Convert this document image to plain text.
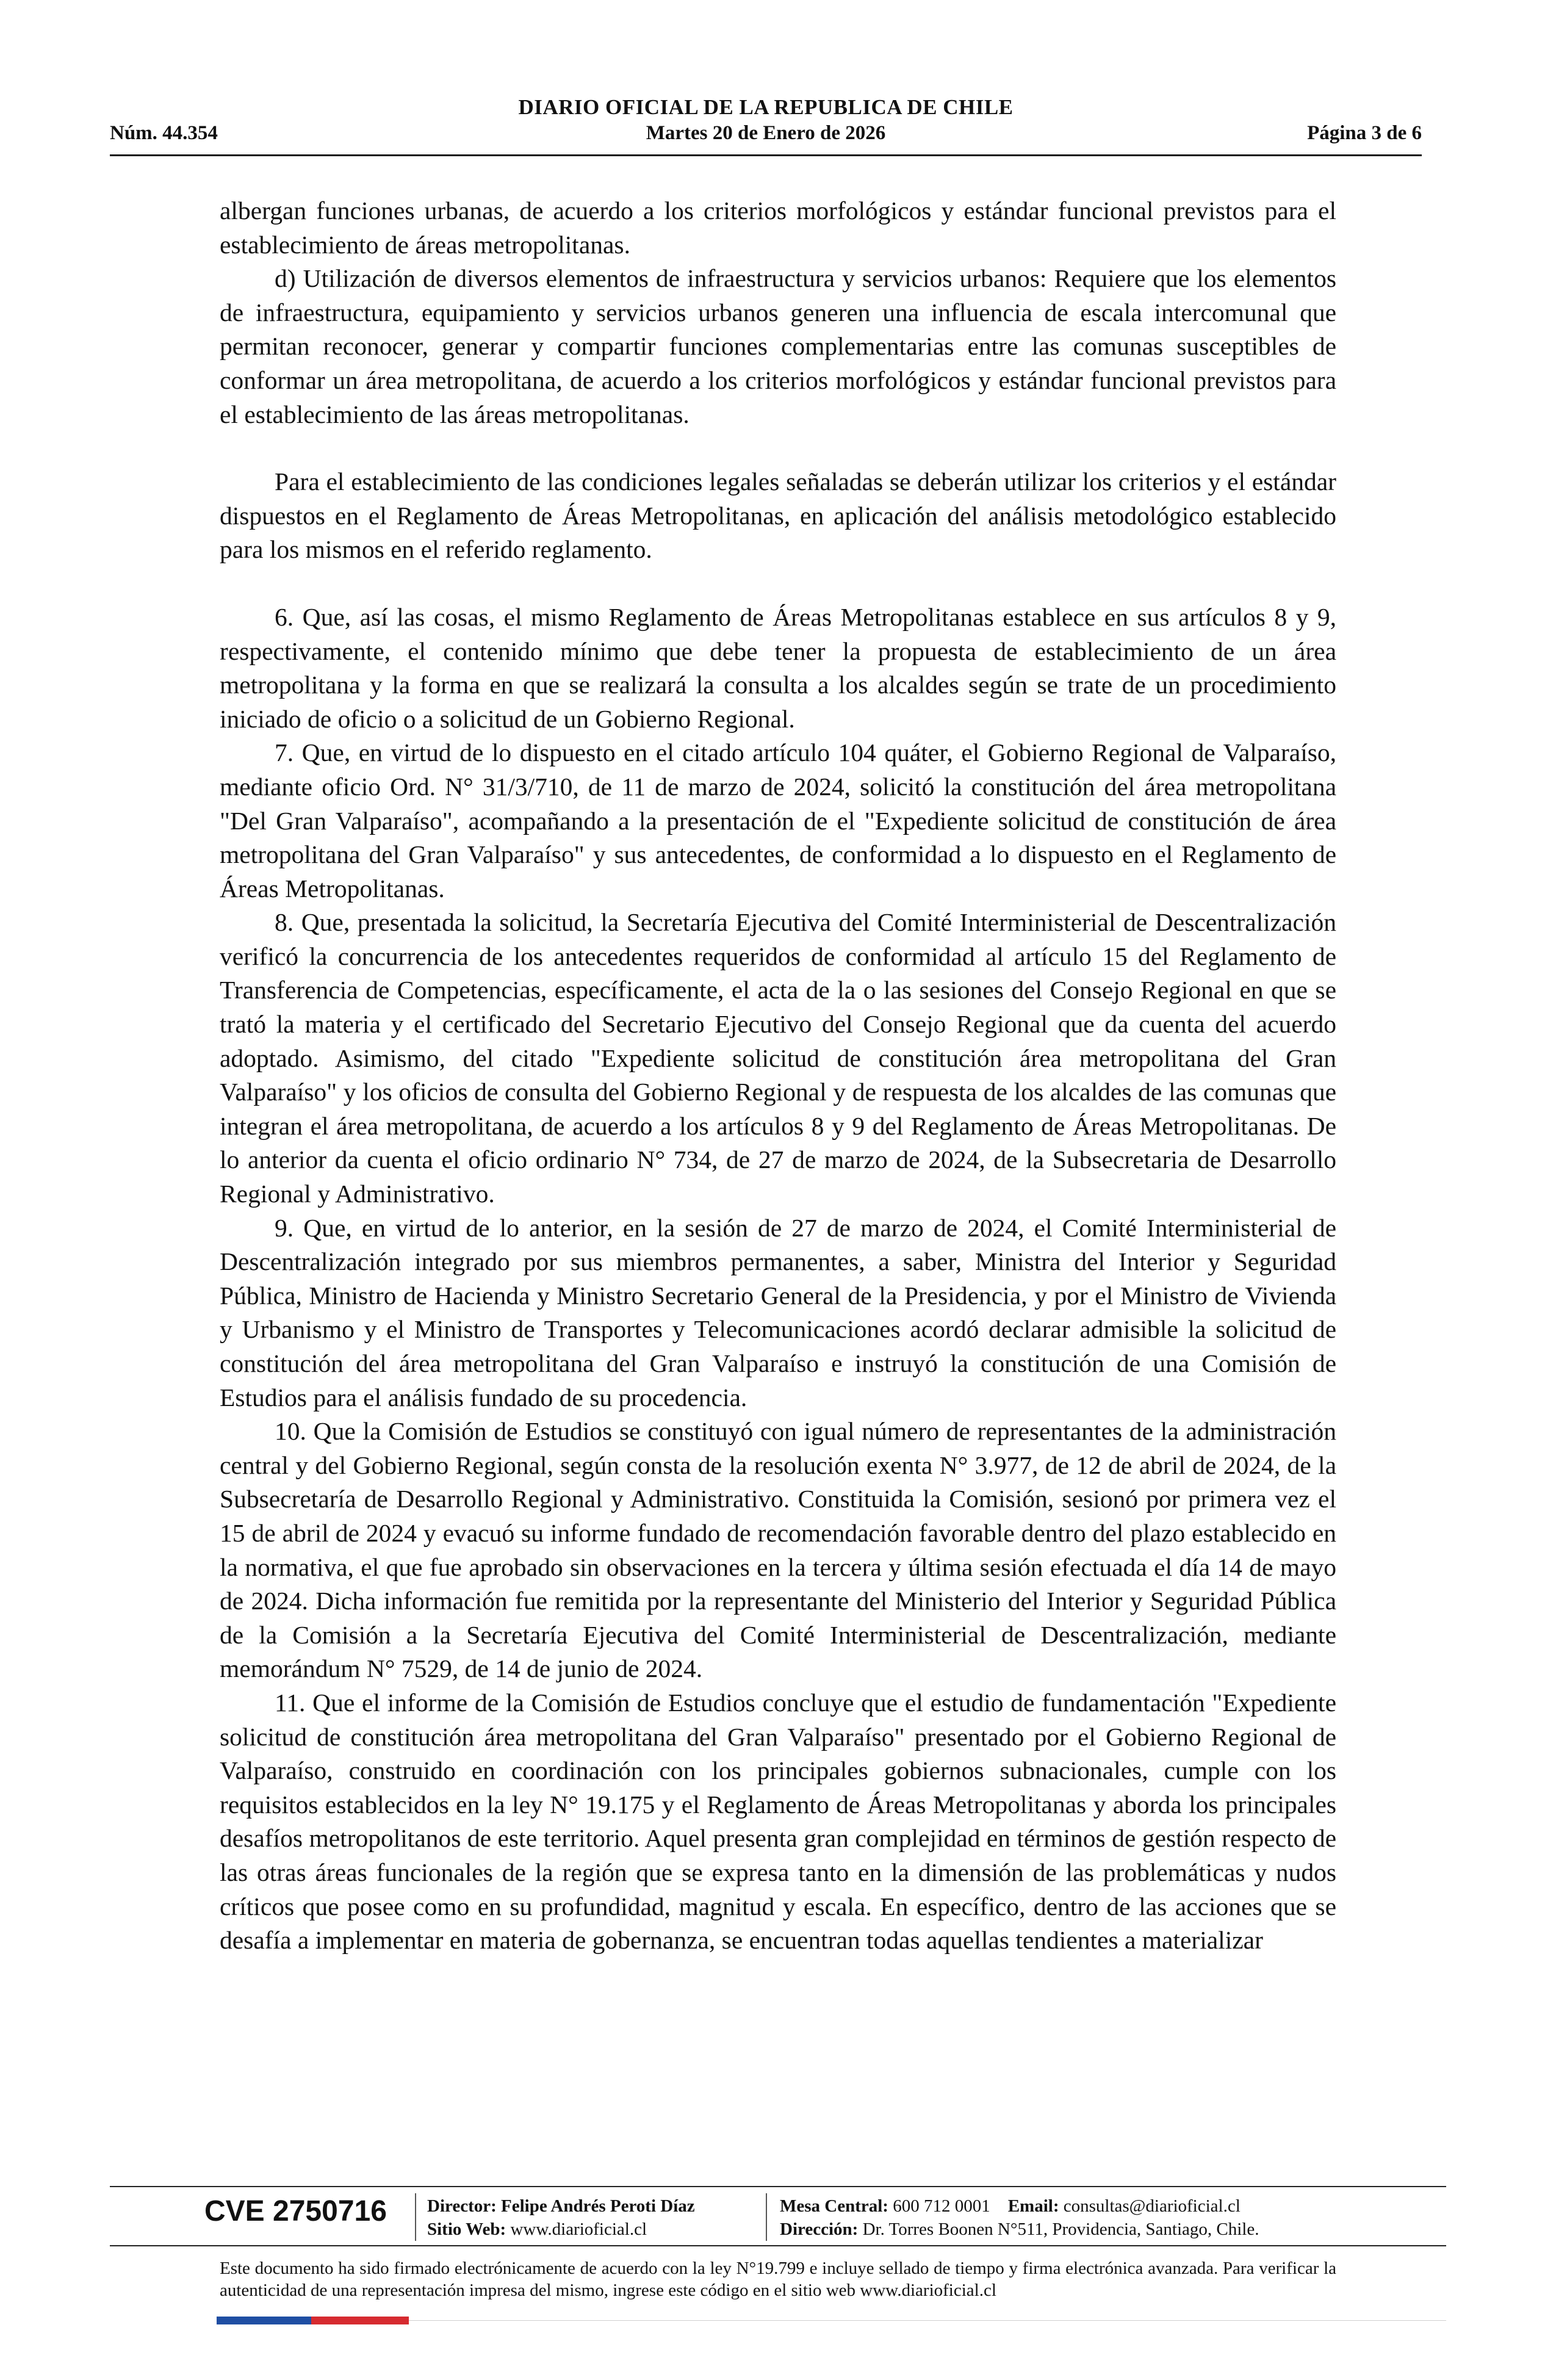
DIARIO OFICIAL DE LA REPUBLICA DE CHILE
Núm. 44.354	Martes 20 de Enero de 2026	Página 3 de 6

albergan funciones urbanas, de acuerdo a los criterios morfológicos y estándar funcional previstos para el establecimiento de áreas metropolitanas.

d) Utilización de diversos elementos de infraestructura y servicios urbanos: Requiere que los elementos de infraestructura, equipamiento y servicios urbanos generen una influencia de escala intercomunal que permitan reconocer, generar y compartir funciones complementarias entre las comunas susceptibles de conformar un área metropolitana, de acuerdo a los criterios morfológicos y estándar funcional previstos para el establecimiento de las áreas metropolitanas.

Para el establecimiento de las condiciones legales señaladas se deberán utilizar los criterios y el estándar dispuestos en el Reglamento de Áreas Metropolitanas, en aplicación del análisis metodológico establecido para los mismos en el referido reglamento.

6. Que, así las cosas, el mismo Reglamento de Áreas Metropolitanas establece en sus artículos 8 y 9, respectivamente, el contenido mínimo que debe tener la propuesta de establecimiento de un área metropolitana y la forma en que se realizará la consulta a los alcaldes según se trate de un procedimiento iniciado de oficio o a solicitud de un Gobierno Regional.

7. Que, en virtud de lo dispuesto en el citado artículo 104 quáter, el Gobierno Regional de Valparaíso, mediante oficio Ord. N° 31/3/710, de 11 de marzo de 2024, solicitó la constitución del área metropolitana "Del Gran Valparaíso", acompañando a la presentación de el "Expediente solicitud de constitución de área metropolitana del Gran Valparaíso" y sus antecedentes, de conformidad a lo dispuesto en el Reglamento de Áreas Metropolitanas.

8. Que, presentada la solicitud, la Secretaría Ejecutiva del Comité Interministerial de Descentralización verificó la concurrencia de los antecedentes requeridos de conformidad al artículo 15 del Reglamento de Transferencia de Competencias, específicamente, el acta de la o las sesiones del Consejo Regional en que se trató la materia y el certificado del Secretario Ejecutivo del Consejo Regional que da cuenta del acuerdo adoptado. Asimismo, del citado "Expediente solicitud de constitución área metropolitana del Gran Valparaíso" y los oficios de consulta del Gobierno Regional y de respuesta de los alcaldes de las comunas que integran el área metropolitana, de acuerdo a los artículos 8 y 9 del Reglamento de Áreas Metropolitanas. De lo anterior da cuenta el oficio ordinario N° 734, de 27 de marzo de 2024, de la Subsecretaria de Desarrollo Regional y Administrativo.

9. Que, en virtud de lo anterior, en la sesión de 27 de marzo de 2024, el Comité Interministerial de Descentralización integrado por sus miembros permanentes, a saber, Ministra del Interior y Seguridad Pública, Ministro de Hacienda y Ministro Secretario General de la Presidencia, y por el Ministro de Vivienda y Urbanismo y el Ministro de Transportes y Telecomunicaciones acordó declarar admisible la solicitud de constitución del área metropolitana del Gran Valparaíso e instruyó la constitución de una Comisión de Estudios para el análisis fundado de su procedencia.

10. Que la Comisión de Estudios se constituyó con igual número de representantes de la administración central y del Gobierno Regional, según consta de la resolución exenta N° 3.977, de 12 de abril de 2024, de la Subsecretaría de Desarrollo Regional y Administrativo. Constituida la Comisión, sesionó por primera vez el 15 de abril de 2024 y evacuó su informe fundado de recomendación favorable dentro del plazo establecido en la normativa, el que fue aprobado sin observaciones en la tercera y última sesión efectuada el día 14 de mayo de 2024. Dicha información fue remitida por la representante del Ministerio del Interior y Seguridad Pública de la Comisión a la Secretaría Ejecutiva del Comité Interministerial de Descentralización, mediante memorándum N° 7529, de 14 de junio de 2024.

11. Que el informe de la Comisión de Estudios concluye que el estudio de fundamentación "Expediente solicitud de constitución área metropolitana del Gran Valparaíso" presentado por el Gobierno Regional de Valparaíso, construido en coordinación con los principales gobiernos subnacionales, cumple con los requisitos establecidos en la ley N° 19.175 y el Reglamento de Áreas Metropolitanas y aborda los principales desafíos metropolitanos de este territorio. Aquel presenta gran complejidad en términos de gestión respecto de las otras áreas funcionales de la región que se expresa tanto en la dimensión de las problemáticas y nudos críticos que posee como en su profundidad, magnitud y escala. En específico, dentro de las acciones que se desafía a implementar en materia de gobernanza, se encuentran todas aquellas tendientes a materializar

CVE 2750716 Director: Felipe Andrés Peroti Díaz
Sitio Web: www.diarioficial.cl
Mesa Central: 600 712 0001 Email: consultas@diarioficial.cl
Dirección: Dr. Torres Boonen N°511, Providencia, Santiago, Chile.
Este documento ha sido firmado electrónicamente de acuerdo con la ley N°19.799 e incluye sellado de tiempo y firma electrónica avanzada. Para verificar la autenticidad de una representación impresa del mismo, ingrese este código en el sitio web www.diarioficial.cl
